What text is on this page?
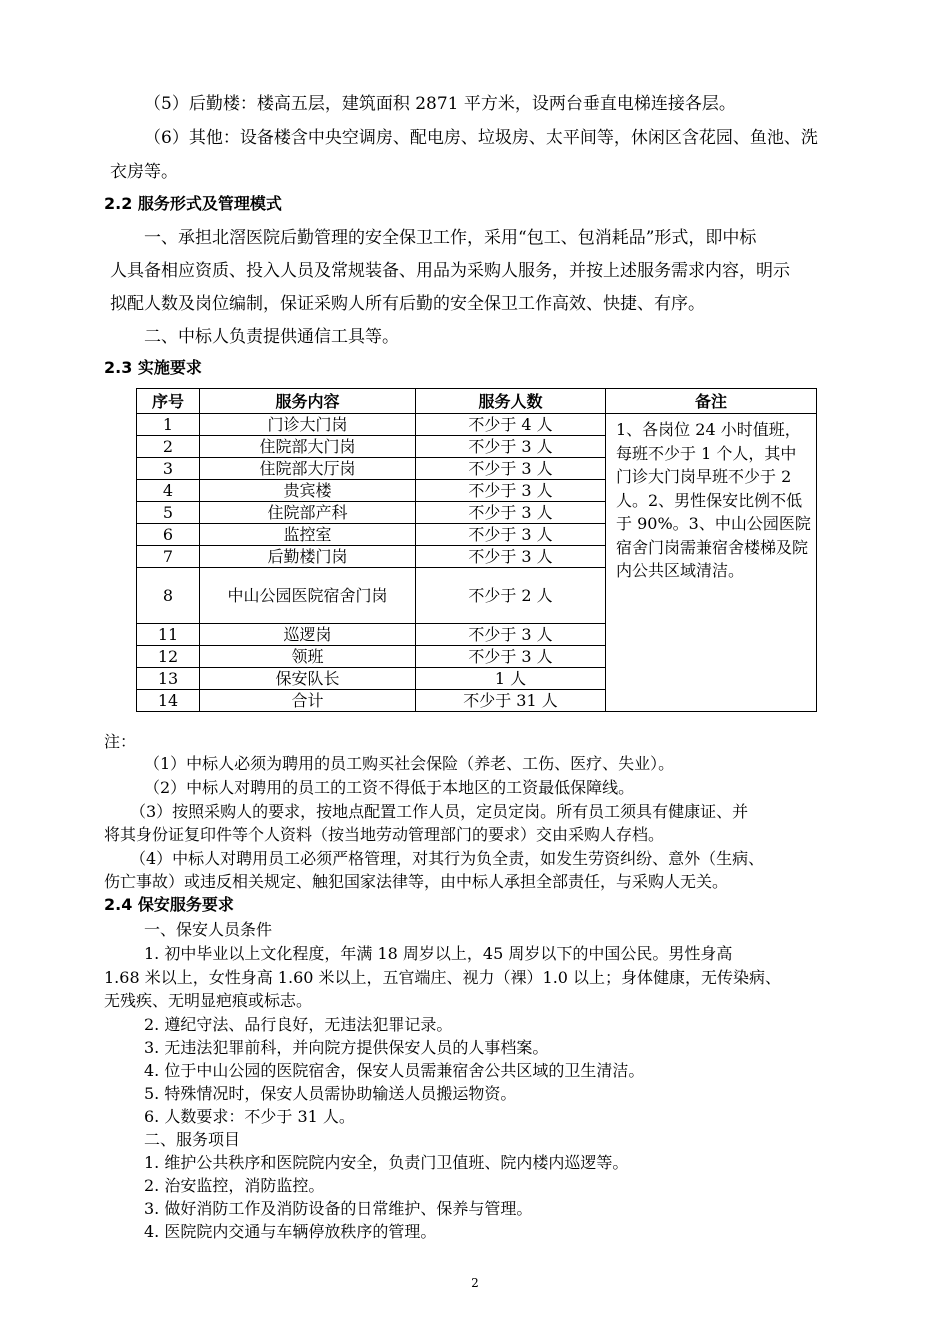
（5）后勤楼：楼高五层，建筑面积 2871 平方米，设两台垂直电梯连接各层。
（6）其他：设备楼含中央空调房、配电房、垃圾房、太平间等，休闲区含花园、鱼池、洗
衣房等。
2.2 服务形式及管理模式
一、承担北滘医院后勤管理的安全保卫工作，采用“包工、包消耗品”形式，即中标
人具备相应资质、投入人员及常规装备、用品为采购人服务，并按上述服务需求内容，明示
拟配人数及岗位编制，保证采购人所有后勤的安全保卫工作高效、快捷、有序。
二、中标人负责提供通信工具等。
2.3 实施要求
序号	服务内容	服务人数	备注
1	门诊大门岗	不少于 4 人	1、各岗位 24 小时值班，每班不少于 1 个人，其中门诊大门岗早班不少于 2 人。2、男性保安比例不低于 90%。3、中山公园医院宿舍门岗需兼宿舍楼梯及院内公共区域清洁。
2	住院部大门岗	不少于 3 人	
3	住院部大厅岗	不少于 3 人	
4	贵宾楼	不少于 3 人	
5	住院部产科	不少于 3 人	
6	监控室	不少于 3 人	
7	后勤楼门岗	不少于 3 人	
8	中山公园医院宿舍门岗	不少于 2 人	
11	巡逻岗	不少于 3 人	
12	领班	不少于 3 人	
13	保安队长	1 人	
14	合计	不少于 31 人	
注：
（1）中标人必须为聘用的员工购买社会保险（养老、工伤、医疗、失业）。
（2）中标人对聘用的员工的工资不得低于本地区的工资最低保障线。
（3）按照采购人的要求，按地点配置工作人员，定员定岗。所有员工须具有健康证、并
将其身份证复印件等个人资料（按当地劳动管理部门的要求）交由采购人存档。
（4）中标人对聘用员工必须严格管理，对其行为负全责，如发生劳资纠纷、意外（生病、
伤亡事故）或违反相关规定、触犯国家法律等，由中标人承担全部责任，与采购人无关。
2.4 保安服务要求
一、保安人员条件
1. 初中毕业以上文化程度，年满 18 周岁以上，45 周岁以下的中国公民。男性身高
1.68 米以上，女性身高 1.60 米以上，五官端庄、视力（裸）1.0 以上；身体健康，无传染病、
无残疾、无明显疤痕或标志。
2. 遵纪守法、品行良好，无违法犯罪记录。
3. 无违法犯罪前科，并向院方提供保安人员的人事档案。
4. 位于中山公园的医院宿舍，保安人员需兼宿舍公共区域的卫生清洁。
5. 特殊情况时，保安人员需协助输送人员搬运物资。
6. 人数要求：不少于 31 人。
二、服务项目
1. 维护公共秩序和医院院内安全，负责门卫值班、院内楼内巡逻等。
2. 治安监控，消防监控。
3. 做好消防工作及消防设备的日常维护、保养与管理。
4. 医院院内交通与车辆停放秩序的管理。
2
